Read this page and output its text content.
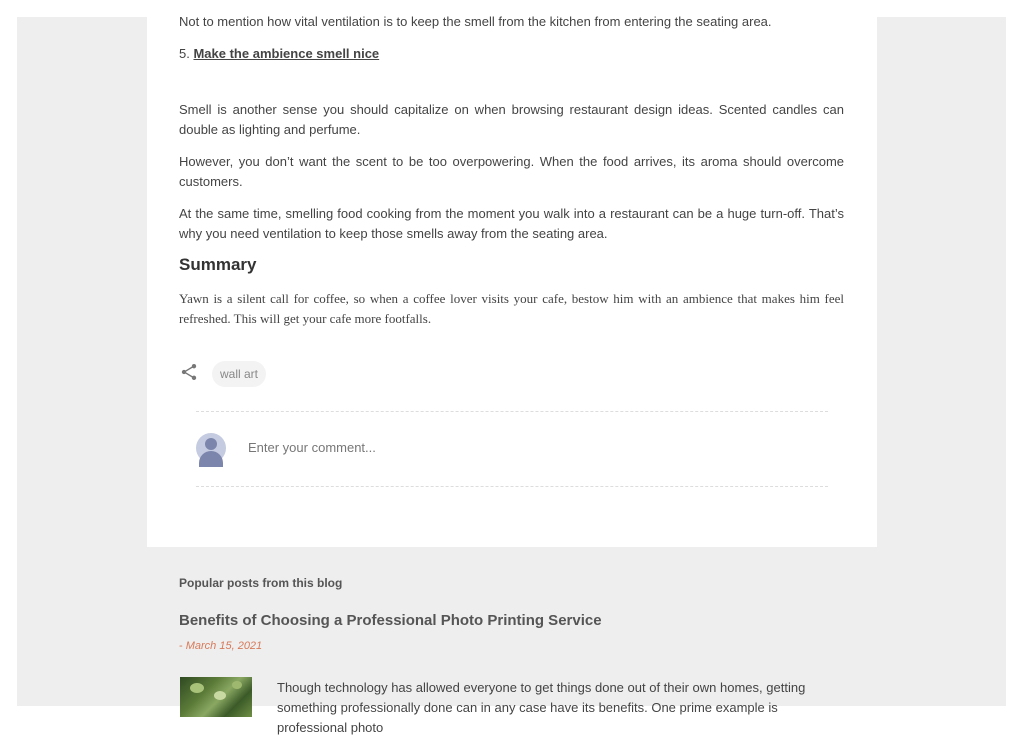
Not to mention how vital ventilation is to keep the smell from the kitchen from entering the seating area.

5. Make the ambience smell nice

Smell is another sense you should capitalize on when browsing restaurant design ideas. Scented candles can double as lighting and perfume.

However, you don’t want the scent to be too overpowering. When the food arrives, its aroma should overcome customers.

At the same time, smelling food cooking from the moment you walk into a restaurant can be a huge turn-off. That’s why you need ventilation to keep those smells away from the seating area.

Summary

Yawn is a silent call for coffee, so when a coffee lover visits your cafe, bestow him with an ambience that makes him feel refreshed. This will get your cafe more footfalls.

wall art
Enter your comment...
Popular posts from this blog
Benefits of Choosing a Professional Photo Printing Service
- March 15, 2021

Though technology has allowed everyone to get things done out of their own homes, getting something professionally done can in any case have its benefits. One prime example is professional photo
